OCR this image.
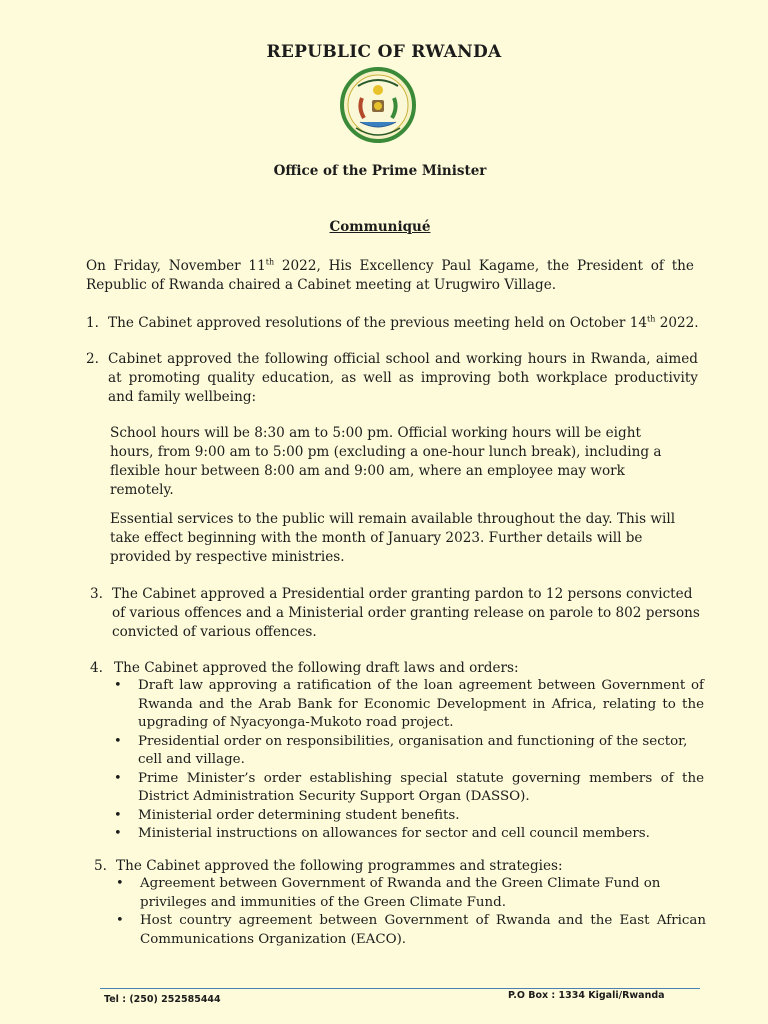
REPUBLIC OF RWANDA
Office of the Prime Minister
Communiqué

On Friday, November 11th 2022, His Excellency Paul Kagame, the President of the Republic of Rwanda chaired a Cabinet meeting at Urugwiro Village.

1. The Cabinet approved resolutions of the previous meeting held on October 14th 2022.

2. Cabinet approved the following official school and working hours in Rwanda, aimed at promoting quality education, as well as improving both workplace productivity and family wellbeing:

School hours will be 8:30 am to 5:00 pm. Official working hours will be eight hours, from 9:00 am to 5:00 pm (excluding a one-hour lunch break), including a flexible hour between 8:00 am and 9:00 am, where an employee may work remotely.

Essential services to the public will remain available throughout the day. This will take effect beginning with the month of January 2023. Further details will be provided by respective ministries.

3. The Cabinet approved a Presidential order granting pardon to 12 persons convicted of various offences and a Ministerial order granting release on parole to 802 persons convicted of various offences.

4. The Cabinet approved the following draft laws and orders:

• Draft law approving a ratification of the loan agreement between Government of Rwanda and the Arab Bank for Economic Development in Africa, relating to the upgrading of Nyacyonga-Mukoto road project.
• Presidential order on responsibilities, organisation and functioning of the sector, cell and village.
• Prime Minister’s order establishing special statute governing members of the District Administration Security Support Organ (DASSO).
• Ministerial order determining student benefits.
• Ministerial instructions on allowances for sector and cell council members.
5. The Cabinet approved the following programmes and strategies:

• Agreement between Government of Rwanda and the Green Climate Fund on privileges and immunities of the Green Climate Fund.
• Host country agreement between Government of Rwanda and the East African Communications Organization (EACO).
Tel : (250) 252585444	P.O Box : 1334 Kigali/Rwanda
